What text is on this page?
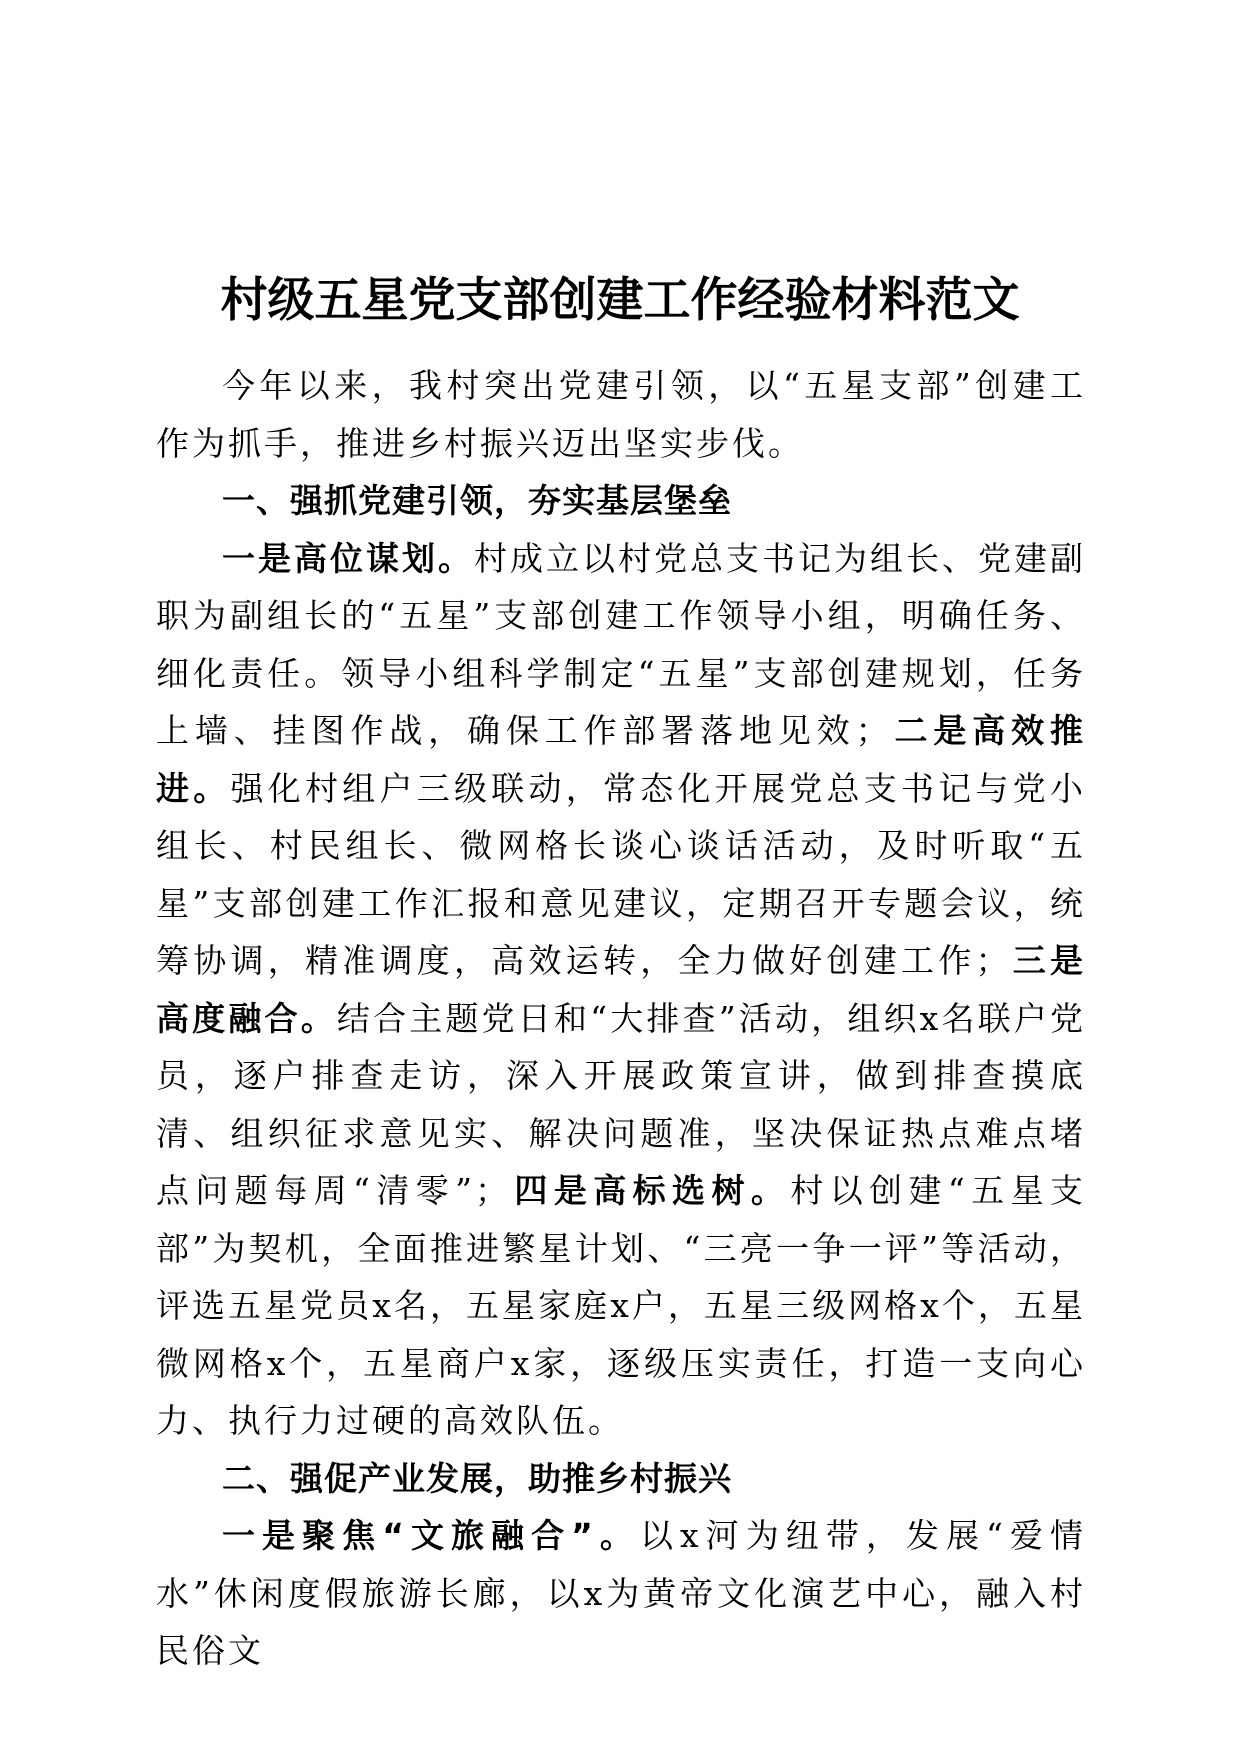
村级五星党支部创建工作经验材料范文

今年以来，我村突出党建引领，以“五星支部”创建工作为抓手，推进乡村振兴迈出坚实步伐。

一、强抓党建引领，夯实基层堡垒

一是高位谋划。村成立以村党总支书记为组长、党建副职为副组长的“五星”支部创建工作领导小组，明确任务、细化责任。领导小组科学制定“五星”支部创建规划，任务上墙、挂图作战，确保工作部署落地见效；二是高效推进。强化村组户三级联动，常态化开展党总支书记与党小组长、村民组长、微网格长谈心谈话活动，及时听取“五星”支部创建工作汇报和意见建议，定期召开专题会议，统筹协调，精准调度，高效运转，全力做好创建工作；三是高度融合。结合主题党日和“大排查”活动，组织x名联户党员，逐户排查走访，深入开展政策宣讲，做到排查摸底清、组织征求意见实、解决问题准，坚决保证热点难点堵点问题每周“清零”；四是高标选树。村以创建“五星支部”为契机，全面推进繁星计划、“三亮一争一评”等活动，评选五星党员x名，五星家庭x户，五星三级网格x个，五星微网格x个，五星商户x家，逐级压实责任，打造一支向心力、执行力过硬的高效队伍。

二、强促产业发展，助推乡村振兴

一是聚焦“文旅融合”。以x河为纽带，发展“爱情水”休闲度假旅游长廊，以x为黄帝文化演艺中心，融入村民俗文
